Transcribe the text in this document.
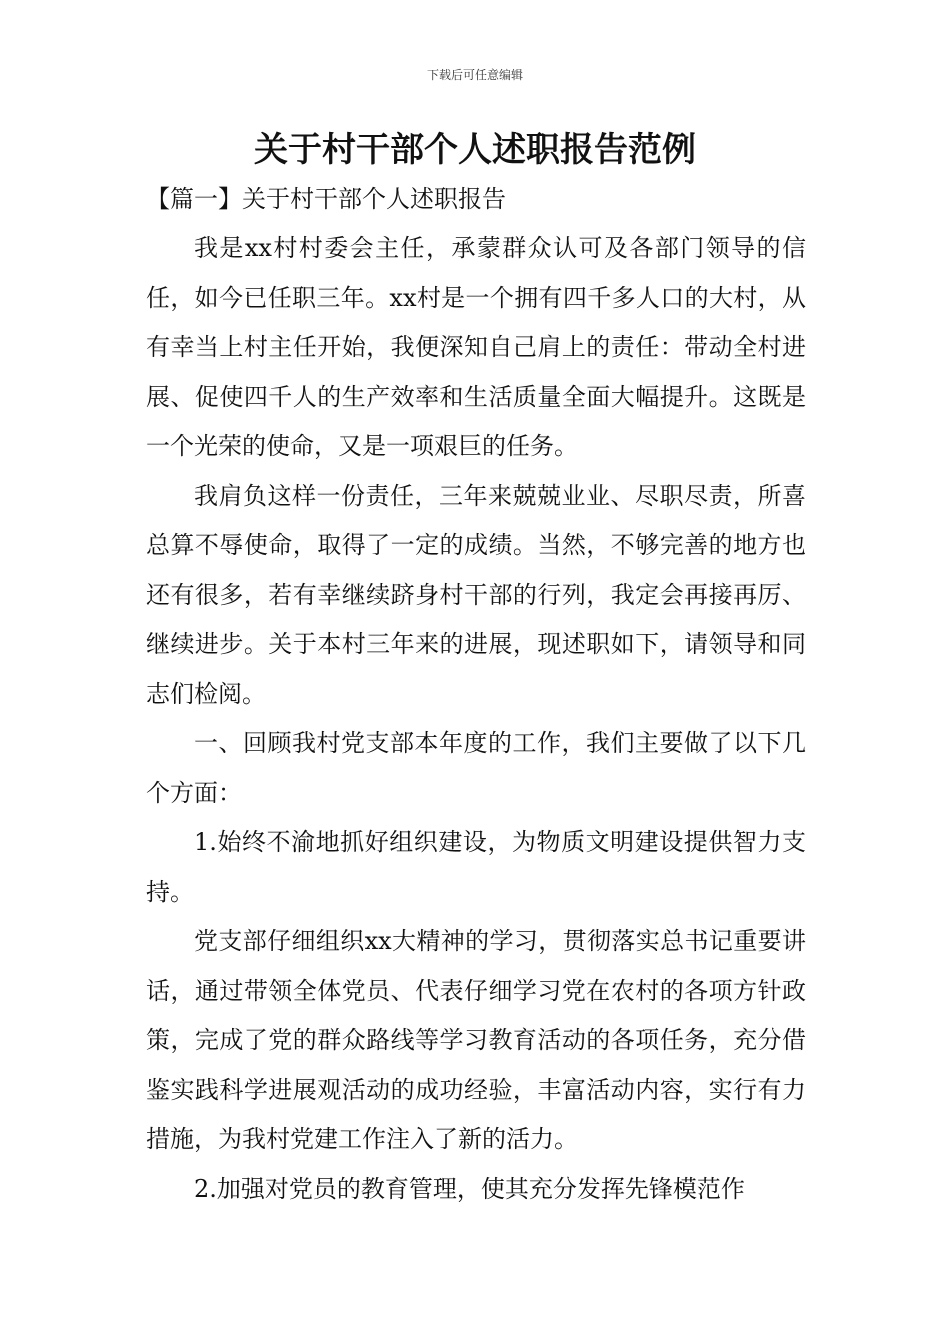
下载后可任意编辑
关于村干部个人述职报告范例
【篇一】关于村干部个人述职报告

我是xx村村委会主任，承蒙群众认可及各部门领导的信任，如今已任职三年。xx村是一个拥有四千多人口的大村，从有幸当上村主任开始，我便深知自己肩上的责任：带动全村进展、促使四千人的生产效率和生活质量全面大幅提升。这既是一个光荣的使命，又是一项艰巨的任务。

我肩负这样一份责任，三年来兢兢业业、尽职尽责，所喜总算不辱使命，取得了一定的成绩。当然，不够完善的地方也还有很多，若有幸继续跻身村干部的行列，我定会再接再厉、继续进步。关于本村三年来的进展，现述职如下，请领导和同志们检阅。

一、回顾我村党支部本年度的工作，我们主要做了以下几个方面：

1.始终不渝地抓好组织建设，为物质文明建设提供智力支持。

党支部仔细组织xx大精神的学习，贯彻落实总书记重要讲话，通过带领全体党员、代表仔细学习党在农村的各项方针政策，完成了党的群众路线等学习教育活动的各项任务，充分借鉴实践科学进展观活动的成功经验，丰富活动内容，实行有力措施，为我村党建工作注入了新的活力。

2.加强对党员的教育管理，使其充分发挥先锋模范作
